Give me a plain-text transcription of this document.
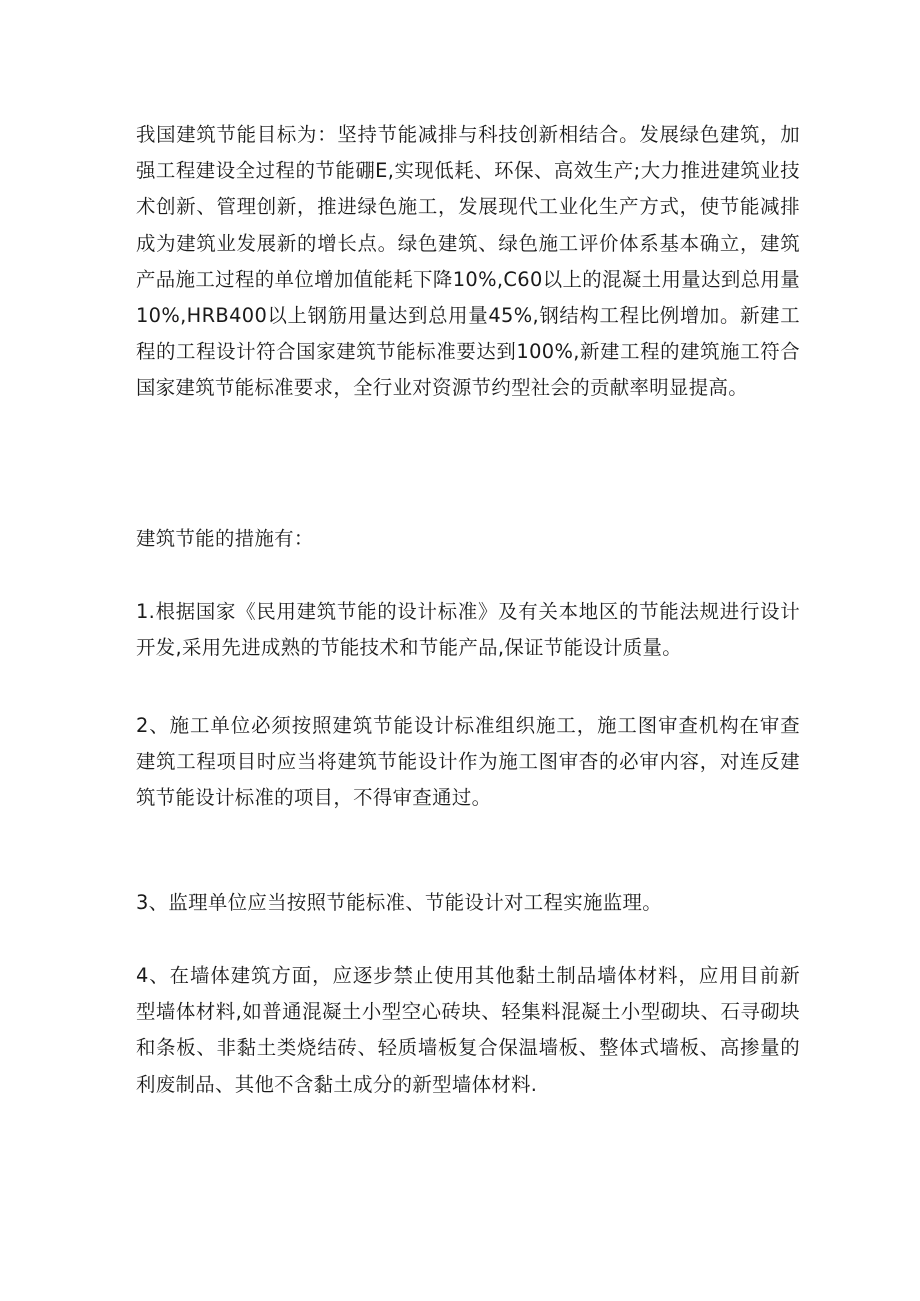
我国建筑节能目标为：坚持节能减排与科技创新相结合。发展绿色建筑，加强工程建设全过程的节能硼E,实现低耗、环保、高效生产;大力推进建筑业技术创新、管理创新，推进绿色施工，发展现代工业化生产方式，使节能减排成为建筑业发展新的增长点。绿色建筑、绿色施工评价体系基本确立，建筑产品施工过程的单位增加值能耗下降10%,C60以上的混凝土用量达到总用量10%,HRB400以上钢筋用量达到总用量45%,钢结构工程比例增加。新建工程的工程设计符合国家建筑节能标准要达到100%,新建工程的建筑施工符合国家建筑节能标准要求，全行业对资源节约型社会的贡献率明显提高。

建筑节能的措施有：

1.根据国家《民用建筑节能的设计标准》及有关本地区的节能法规进行设计开发,采用先进成熟的节能技术和节能产品,保证节能设计质量。

2、施工单位必须按照建筑节能设计标准组织施工，施工图审查机构在审查建筑工程项目时应当将建筑节能设计作为施工图审杳的必审内容，对连反建筑节能设计标准的项目，不得审查通过。

3、监理单位应当按照节能标准、节能设计对工程实施监理。

4、在墙体建筑方面，应逐步禁止使用其他黏土制品墙体材料，应用目前新型墙体材料,如普通混凝土小型空心砖块、轻集料混凝土小型砌块、石寻砌块和条板、非黏土类烧结砖、轻质墙板复合保温墙板、整体式墙板、高掺量的利废制品、其他不含黏土成分的新型墙体材料.
